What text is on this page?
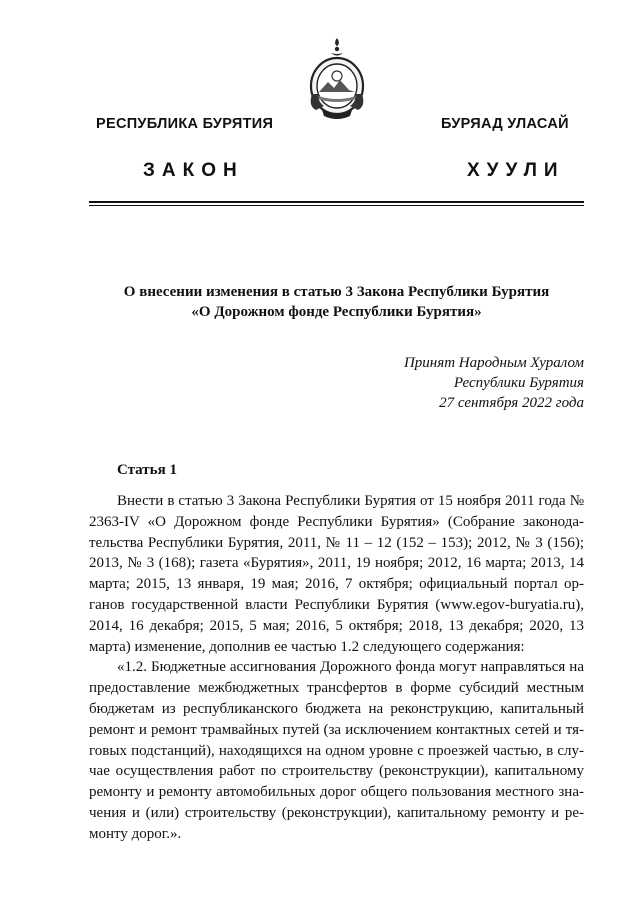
РЕСПУБЛИКА БУРЯТИЯ	БУРЯАД УЛАСАЙ
ЗАКОН	ХУУЛИ
О внесении изменения в статью 3 Закона Республики Бурятия
«О Дорожном фонде Республики Бурятия»
Принят Народным Хуралом
Республики Бурятия
27 сентября 2022 года
Статья 1

Внести в статью 3 Закона Республики Бурятия от 15 ноября 2011 года № 2363-IV «О Дорожном фонде Республики Бурятия» (Собрание законодательства Республики Бурятия, 2011, № 11 – 12 (152 – 153); 2012, № 3 (156); 2013, № 3 (168); газета «Бурятия», 2011, 19 ноября; 2012, 16 марта; 2013, 14 марта; 2015, 13 января, 19 мая; 2016, 7 октября; официальный портал органов государственной власти Республики Бурятия (www.egov-buryatia.ru), 2014, 16 декабря; 2015, 5 мая; 2016, 5 октября; 2018, 13 декабря; 2020, 13 марта) изменение, дополнив ее частью 1.2 следующего содержания:

«1.2. Бюджетные ассигнования Дорожного фонда могут направляться на предоставление межбюджетных трансфертов в форме субсидий местным бюджетам из республиканского бюджета на реконструкцию, капитальный ремонт и ремонт трамвайных путей (за исключением контактных сетей и тяговых подстанций), находящихся на одном уровне с проезжей частью, в случае осуществления работ по строительству (реконструкции), капитальному ремонту и ремонту автомобильных дорог общего пользования местного значения и (или) строительству (реконструкции), капитальному ремонту и ремонту дорог.».
